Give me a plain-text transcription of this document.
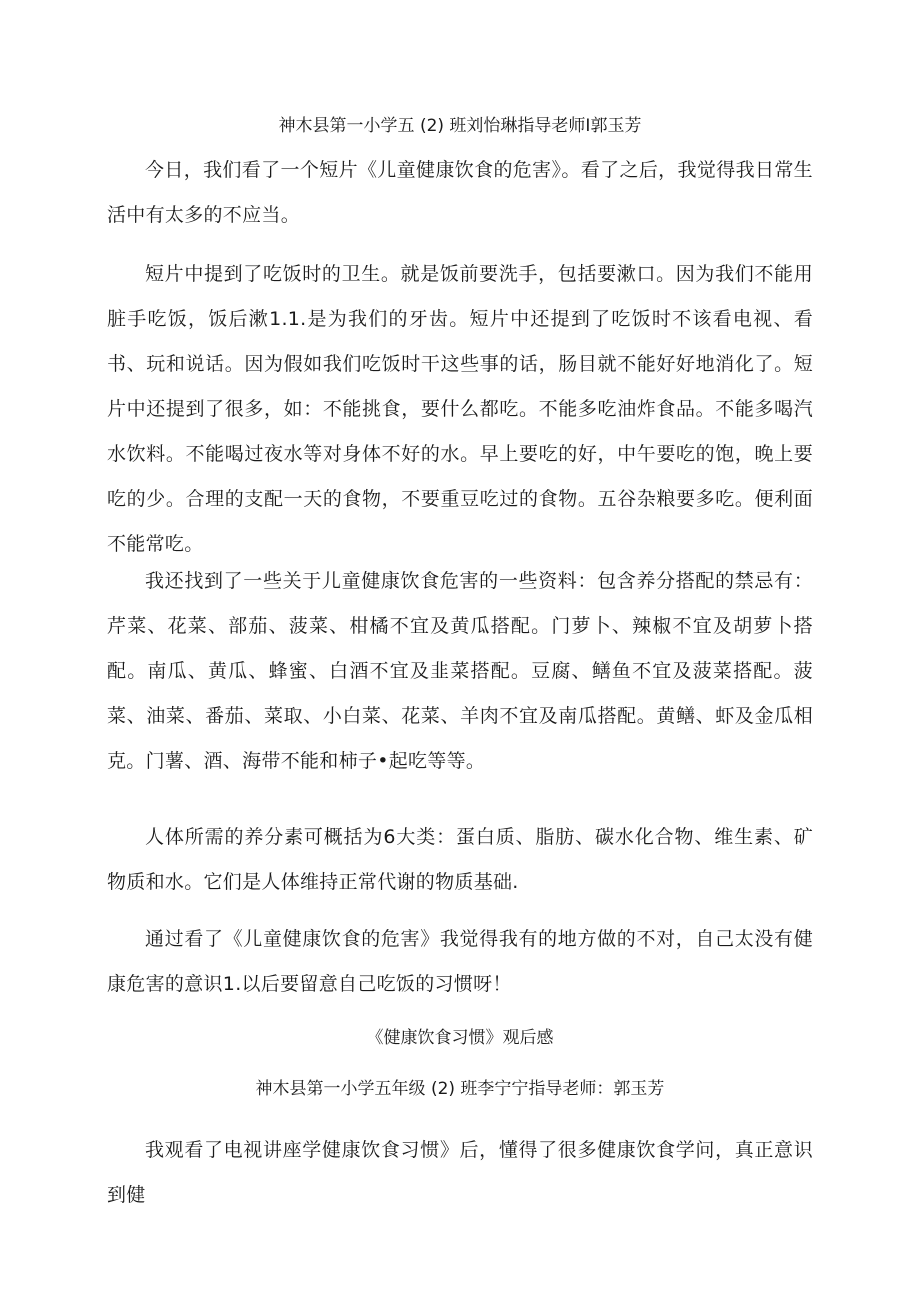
神木县第一小学五 (2) 班刘怡琳指导老师I郭玉芳
今日，我们看了一个短片《儿童健康饮食的危害》。看了之后，我觉得我日常生活中有太多的不应当。
短片中提到了吃饭时的卫生。就是饭前要洗手，包括要漱口。因为我们不能用脏手吃饭，饭后漱1.1.是为我们的牙齿。短片中还提到了吃饭时不该看电视、看书、玩和说话。因为假如我们吃饭时干这些事的话，肠目就不能好好地消化了。短片中还提到了很多，如：不能挑食，要什么都吃。不能多吃油炸食品。不能多喝汽水饮料。不能喝过夜水等对身体不好的水。早上要吃的好，中午要吃的饱，晚上要吃的少。合理的支配一天的食物，不要重豆吃过的食物。五谷杂粮要多吃。便利面不能常吃。
我还找到了一些关于儿童健康饮食危害的一些资料：包含养分搭配的禁忌有：芹菜、花菜、部茄、菠菜、柑橘不宜及黄瓜搭配。门萝卜、辣椒不宜及胡萝卜搭配。南瓜、黄瓜、蜂蜜、白酒不宜及韭菜搭配。豆腐、鳝鱼不宜及菠菜搭配。菠菜、油菜、番茄、菜取、小白菜、花菜、羊肉不宜及南瓜搭配。黄鳝、虾及金瓜相克。门薯、酒、海带不能和柿子•起吃等等。
人体所需的养分素可概括为6大类：蛋白质、脂肪、碳水化合物、维生素、矿物质和水。它们是人体维持正常代谢的物质基础.
通过看了《儿童健康饮食的危害》我觉得我有的地方做的不对，自己太没有健康危害的意识1.以后要留意自己吃饭的习惯呀！
《健康饮食习惯》观后感
神木县第一小学五年级 (2) 班李宁宁指导老师：郭玉芳
我观看了电视讲座学健康饮食习惯》后，懂得了很多健康饮食学问，真正意识到健
